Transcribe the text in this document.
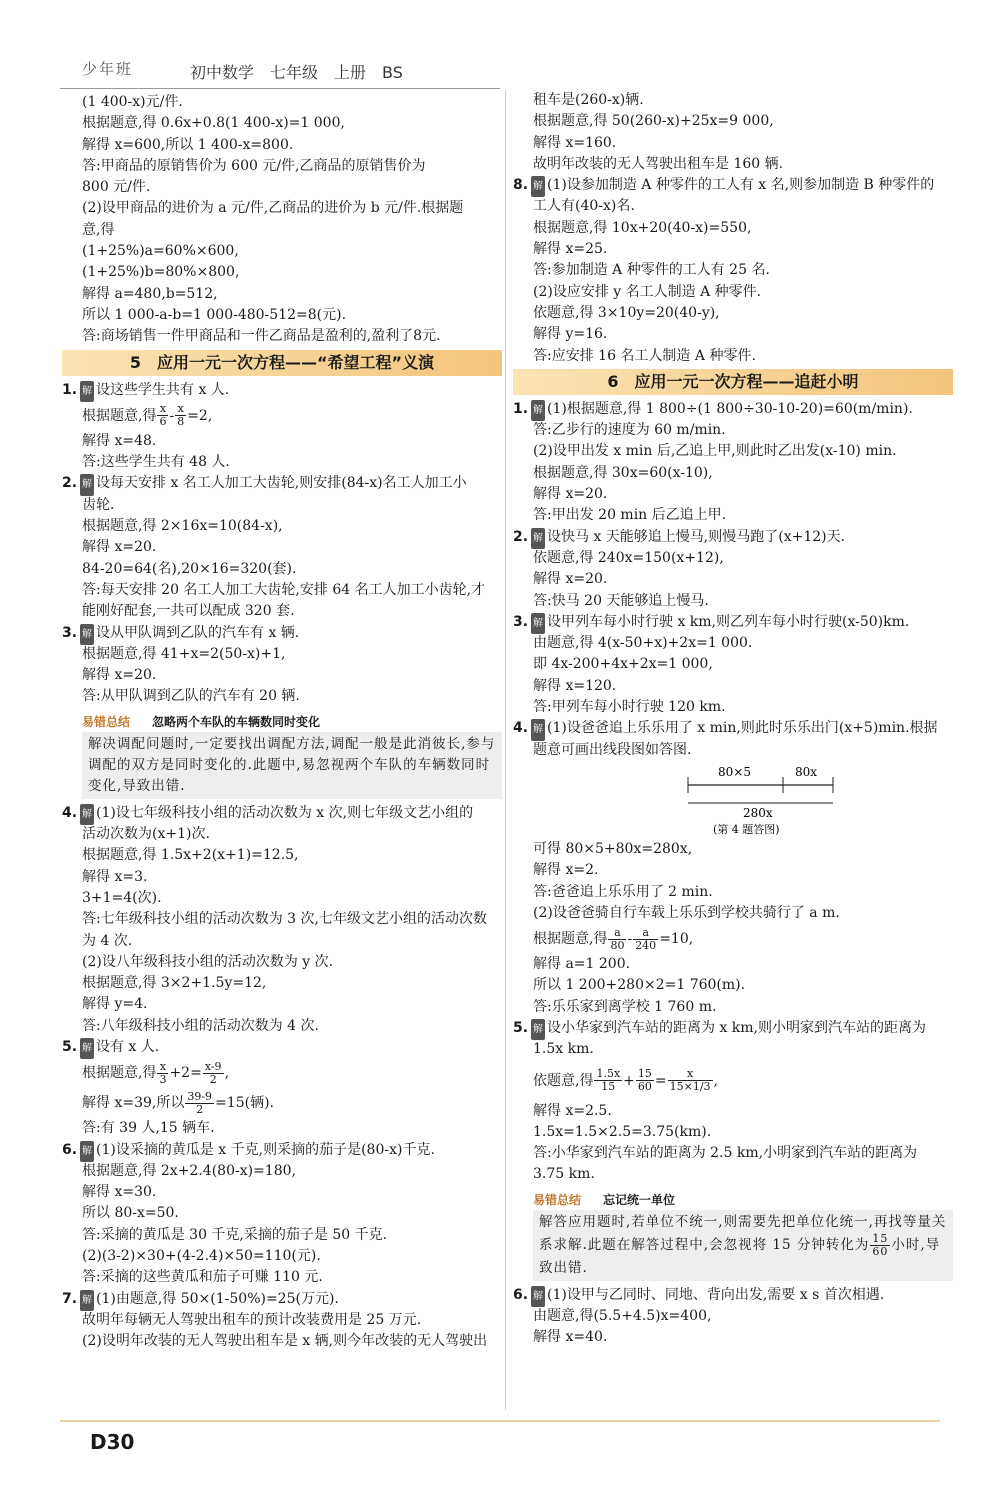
少年班	初中数学　七年级　上册　BS
(1 400-x)元/件.
根据题意,得 0.6x+0.8(1 400-x)=1 000,
解得 x=600,所以 1 400-x=800.
答:甲商品的原销售价为 600 元/件,乙商品的原销售价为
800 元/件.
(2)设甲商品的进价为 a 元/件,乙商品的进价为 b 元/件.根据题
意,得
(1+25%)a=60%×600,
(1+25%)b=80%×800,
解得 a=480,b=512,
所以 1 000-a-b=1 000-480-512=8(元).
答:商场销售一件甲商品和一件乙商品是盈利的,盈利了8元.
5　应用一元一次方程——“希望工程”义演
1. 解 设这些学生共有 x 人.
根据题意,得 $\frac{x}{6} - \frac{x}{8} =2$,
解得 x=48.
答:这些学生共有 48 人.
2. 解 设每天安排 x 名工人加工大齿轮,则安排(84-x)名工人加工小
齿轮.
根据题意,得 2×16x=10(84-x),
解得 x=20.
84-20=64(名),20×16=320(套).
答:每天安排 20 名工人加工大齿轮,安排 64 名工人加工小齿轮,才
能刚好配套,一共可以配成 320 套.
3. 解 设从甲队调到乙队的汽车有 x 辆.
根据题意,得 41+x=2(50-x)+1,
解得 x=20.
答:从甲队调到乙队的汽车有 20 辆.
易错总结 忽略两个车队的车辆数同时变化
解决调配问题时,一定要找出调配方法,调配一般是此消彼长,参与调配的双方是同时变化的.此题中,易忽视两个车队的车辆数同时变化,导致出错.
4. 解 (1)设七年级科技小组的活动次数为 x 次,则七年级文艺小组的
活动次数为(x+1)次.
根据题意,得 1.5x+2(x+1)=12.5,
解得 x=3.
3+1=4(次).
答:七年级科技小组的活动次数为 3 次,七年级文艺小组的活动次数
为 4 次.
(2)设八年级科技小组的活动次数为 y 次.
根据题意,得 3×2+1.5y=12,
解得 y=4.
答:八年级科技小组的活动次数为 4 次.
5. 解 设有 x 人.
根据题意,得 $\frac{x}{3} +2= \frac{x-9}{2}$ ,
解得 x=39,所以 $\frac{39-9}{2} =15$(辆).
答:有 39 人,15 辆车.
6. 解 (1)设采摘的黄瓜是 x 千克,则采摘的茄子是(80-x)千克.
根据题意,得 2x+2.4(80-x)=180,
解得 x=30.
所以 80-x=50.
答:采摘的黄瓜是 30 千克,采摘的茄子是 50 千克.
(2)(3-2)×30+(4-2.4)×50=110(元).
答:采摘的这些黄瓜和茄子可赚 110 元.
7. 解 (1)由题意,得 50×(1-50%)=25(万元).
故明年每辆无人驾驶出租车的预计改装费用是 25 万元.
(2)设明年改装的无人驾驶出租车是 x 辆,则今年改装的无人驾驶出
租车是(260-x)辆.
根据题意,得 50(260-x)+25x=9 000,
解得 x=160.
故明年改装的无人驾驶出租车是 160 辆.
8. 解 (1)设参加制造 A 种零件的工人有 x 名,则参加制造 B 种零件的
工人有(40-x)名.
根据题意,得 10x+20(40-x)=550,
解得 x=25.
答:参加制造 A 种零件的工人有 25 名.
(2)设应安排 y 名工人制造 A 种零件.
依题意,得 3×10y=20(40-y),
解得 y=16.
答:应安排 16 名工人制造 A 种零件.
6　应用一元一次方程——追赶小明
1. 解 (1)根据题意,得 1 800÷(1 800÷30-10-20)=60(m/min).
答:乙步行的速度为 60 m/min.
(2)设甲出发 x min 后,乙追上甲,则此时乙出发(x-10) min.
根据题意,得 30x=60(x-10),
解得 x=20.
答:甲出发 20 min 后乙追上甲.
2. 解 设快马 x 天能够追上慢马,则慢马跑了(x+12)天.
依题意,得 240x=150(x+12),
解得 x=20.
答:快马 20 天能够追上慢马.
3. 解 设甲列车每小时行驶 x km,则乙列车每小时行驶(x-50)km.
由题意,得 4(x-50+x)+2x=1 000.
即 4x-200+4x+2x=1 000,
解得 x=120.
答:甲列车每小时行驶 120 km.
4. 解 (1)设爸爸追上乐乐用了 x min,则此时乐乐出门(x+5)min.根据
题意可画出线段图如答图.
80×5	80x
280x
(第 4 题答图)
可得 80×5+80x=280x,
解得 x=2.
答:爸爸追上乐乐用了 2 min.
(2)设爸爸骑自行车载上乐乐到学校共骑行了 a m.
根据题意,得 $\frac{a}{80} - \frac{a}{240} =10$,
解得 a=1 200.
所以 1 200+280×2=1 760(m).
答:乐乐家到离学校 1 760 m.
5. 解 设小华家到汽车站的距离为 x km,则小明家到汽车站的距离为
1.5x km.
依题意,得 $\frac{1.5x}{15} + \frac{15}{60} = \frac{x}{15\times 1/3}$ ,
解得 x=2.5.
1.5x=1.5×2.5=3.75(km).
答:小华家到汽车站的距离为 2.5 km,小明家到汽车站的距离为
3.75 km.
易错总结 忘记统一单位
解答应用题时,若单位不统一,则需要先把单位化统一,再找等量关系求解.此题在解答过程中,会忽视将 15 分钟转化为 $\frac{15}{60}$ 小时,导致出错.
6. 解 (1)设甲与乙同时、同地、背向出发,需要 x s 首次相遇.
由题意,得(5.5+4.5)x=400,
解得 x=40.
D30
